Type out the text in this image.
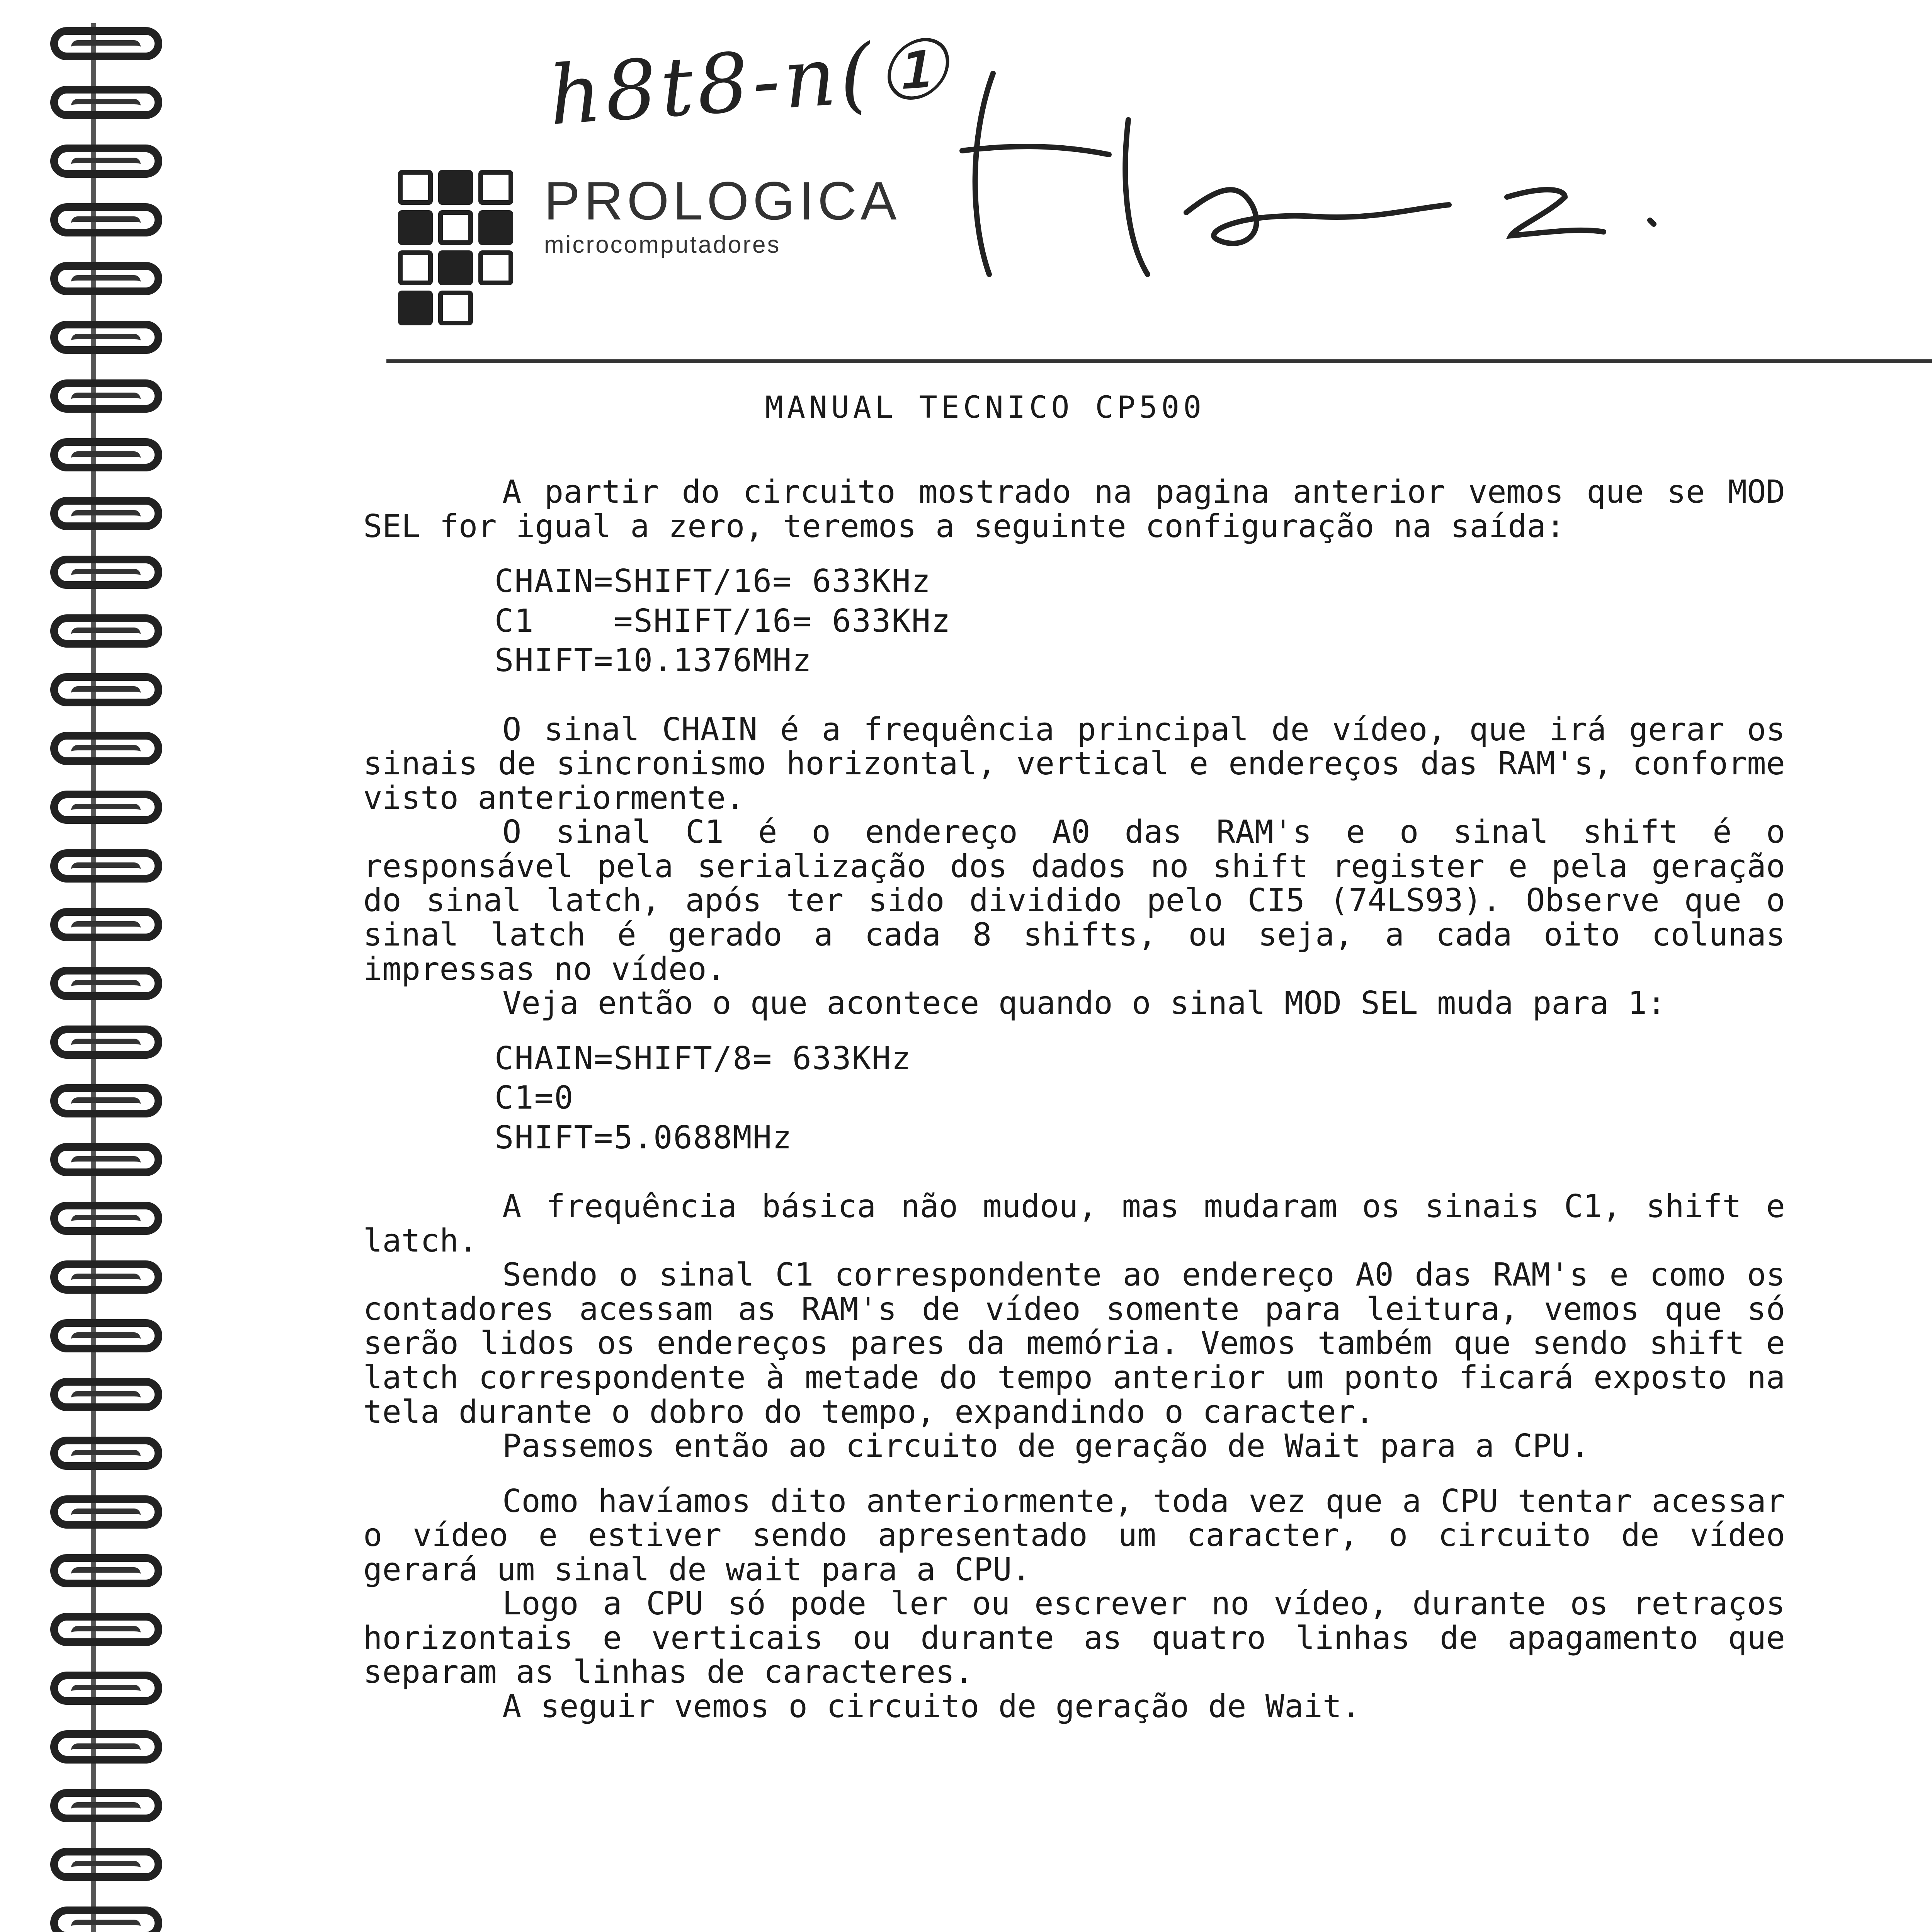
h8t8-n(①
PROLOGICA
microcomputadores
MANUAL TECNICO CP500

A partir do circuito mostrado na pagina anterior vemos que se MOD SEL for igual a zero, teremos a seguinte configuração na saída:

CHAIN=SHIFT/16= 633KHz
C1    =SHIFT/16= 633KHz
SHIFT=10.1376MHz

O sinal CHAIN é a frequência principal de vídeo, que irá gerar os sinais de sincronismo horizontal, vertical e endereços das RAM's, conforme visto anteriormente.

O sinal C1 é o endereço A0 das RAM's e o sinal shift é o responsável pela serialização dos dados no shift register e pela geração do sinal latch, após ter sido dividido pelo CI5 (74LS93). Observe que o sinal latch é gerado a cada 8 shifts, ou seja, a cada oito colunas impressas no vídeo.

Veja então o que acontece quando o sinal MOD SEL muda para 1:

CHAIN=SHIFT/8= 633KHz
C1=0
SHIFT=5.0688MHz

A frequência básica não mudou, mas mudaram os sinais C1, shift e latch.

Sendo o sinal C1 correspondente ao endereço A0 das RAM's e como os contadores acessam as RAM's de vídeo somente para leitura, vemos que só serão lidos os endereços pares da memória. Vemos também que sendo shift e latch correspondente à metade do tempo anterior um ponto ficará exposto na tela durante o dobro do tempo, expandindo o caracter.

Passemos então ao circuito de geração de Wait para a CPU.

Como havíamos dito anteriormente, toda vez que a CPU tentar acessar o vídeo e estiver sendo apresentado um caracter, o circuito de vídeo gerará um sinal de wait para a CPU.

Logo a CPU só pode ler ou escrever no vídeo, durante os retraços horizontais e verticais ou durante as quatro linhas de apagamento que separam as linhas de caracteres.

A seguir vemos o circuito de geração de Wait.
